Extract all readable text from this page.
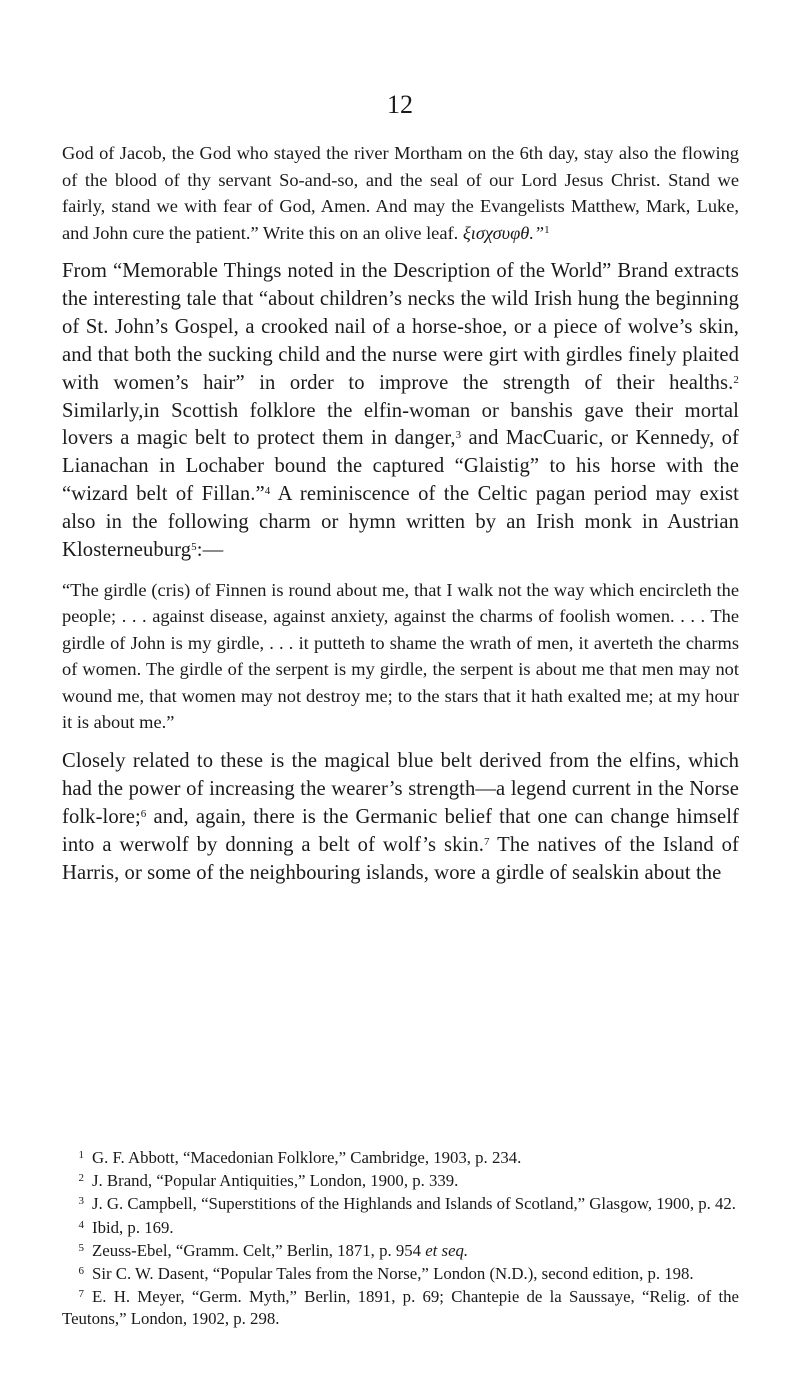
12

God of Jacob, the God who stayed the river Mortham on the 6th day, stay also the flowing of the blood of thy servant So-and-so, and the seal of our Lord Jesus Christ. Stand we fairly, stand we with fear of God, Amen. And may the Evangelists Matthew, Mark, Luke, and John cure the patient.” Write this on an olive leaf. ξισχσυφθ.”$^1$

From “Memorable Things noted in the Description of the World” Brand extracts the interesting tale that “about children’s necks the wild Irish hung the beginning of St. John’s Gospel, a crooked nail of a horse-shoe, or a piece of wolve’s skin, and that both the sucking child and the nurse were girt with girdles finely plaited with women’s hair” in order to improve the strength of their healths.$^2$ Similarly,in Scottish folklore the elfin-woman or banshis gave their mortal lovers a magic belt to protect them in danger,$^3$ and MacCuaric, or Kennedy, of Lianachan in Lochaber bound the captured “Glaistig” to his horse with the “wizard belt of Fillan.”$^4$ A reminiscence of the Celtic pagan period may exist also in the following charm or hymn written by an Irish monk in Austrian Klosterneuburg$^5$:—

“The girdle (cris) of Finnen is round about me, that I walk not the way which encircleth the people; . . . against disease, against anxiety, against the charms of foolish women. . . . The girdle of John is my girdle, . . . it putteth to shame the wrath of men, it averteth the charms of women. The girdle of the serpent is my girdle, the serpent is about me that men may not wound me, that women may not destroy me; to the stars that it hath exalted me; at my hour it is about me.”

Closely related to these is the magical blue belt derived from the elfins, which had the power of increasing the wearer’s strength—a legend current in the Norse folk-lore;$^6$ and, again, there is the Germanic belief that one can change himself into a werwolf by donning a belt of wolf’s skin.$^7$ The natives of the Island of Harris, or some of the neighbouring islands, wore a girdle of sealskin about the

1 G. F. Abbott, “Macedonian Folklore,” Cambridge, 1903, p. 234.

2 J. Brand, “Popular Antiquities,” London, 1900, p. 339.

3 J. G. Campbell, “Superstitions of the Highlands and Islands of Scotland,” Glasgow, 1900, p. 42.

4 Ibid, p. 169.

5 Zeuss-Ebel, “Gramm. Celt,” Berlin, 1871, p. 954 et seq.

6 Sir C. W. Dasent, “Popular Tales from the Norse,” London (N.D.), second edition, p. 198.

7 E. H. Meyer, “Germ. Myth,” Berlin, 1891, p. 69; Chantepie de la Saussaye, “Relig. of the Teutons,” London, 1902, p. 298.
